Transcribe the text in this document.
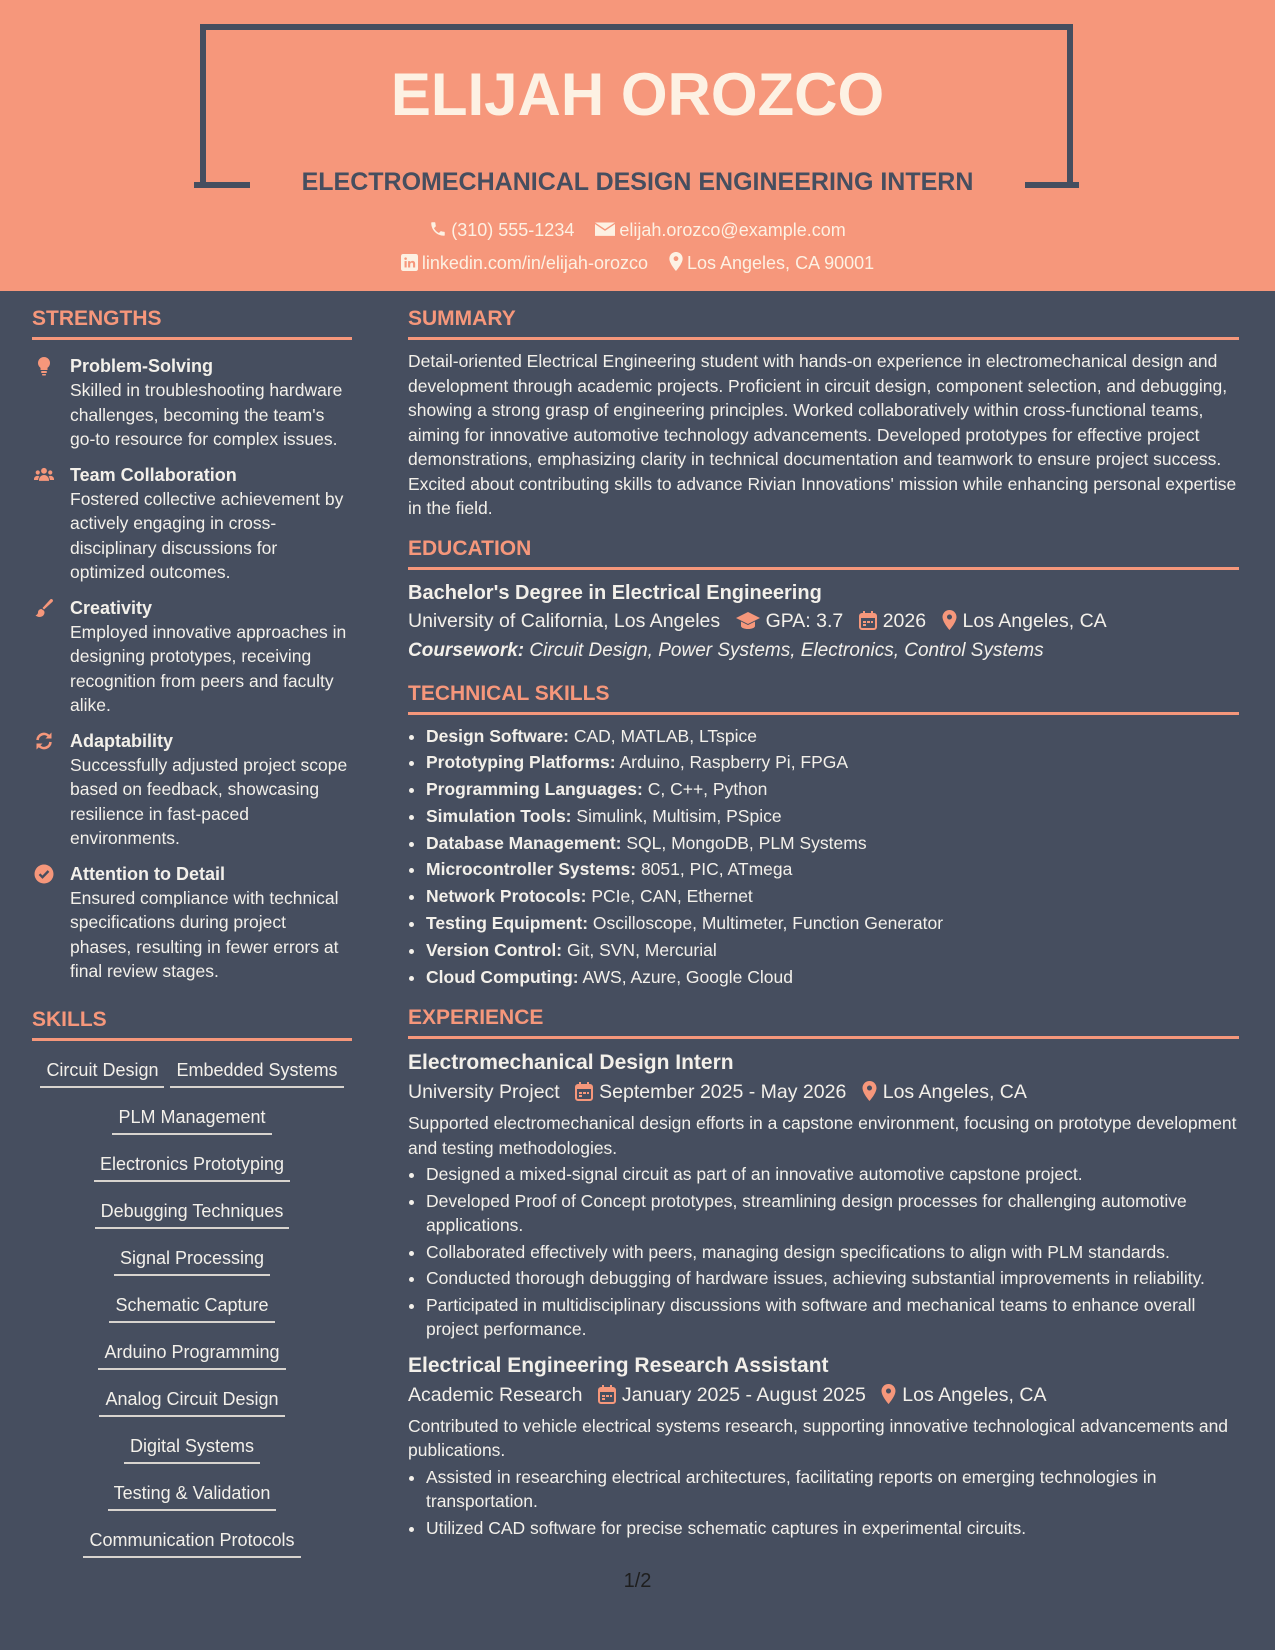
ELIJAH OROZCO
ELECTROMECHANICAL DESIGN ENGINEERING INTERN
(310) 555-1234	elijah.orozco@example.com
linkedin.com/in/elijah-orozco Los Angeles, CA 90001
STRENGTHS
Problem-Solving
Skilled in troubleshooting hardware challenges, becoming the team's go-to resource for complex issues.
Team Collaboration
Fostered collective achievement by actively engaging in cross-disciplinary discussions for optimized outcomes.
Creativity
Employed innovative approaches in designing prototypes, receiving recognition from peers and faculty alike.
Adaptability
Successfully adjusted project scope based on feedback, showcasing resilience in fast-paced environments.
Attention to Detail
Ensured compliance with technical specifications during project phases, resulting in fewer errors at final review stages.
SKILLS
Circuit Design Embedded Systems
PLM Management
Electronics Prototyping
Debugging Techniques
Signal Processing
Schematic Capture
Arduino Programming
Analog Circuit Design
Digital Systems
Testing & Validation
Communication Protocols
SUMMARY
Detail-oriented Electrical Engineering student with hands-on experience in electromechanical design and development through academic projects. Proficient in circuit design, component selection, and debugging, showing a strong grasp of engineering principles. Worked collaboratively within cross-functional teams, aiming for innovative automotive technology advancements. Developed prototypes for effective project demonstrations, emphasizing clarity in technical documentation and teamwork to ensure project success. Excited about contributing skills to advance Rivian Innovations' mission while enhancing personal expertise in the field.
EDUCATION
Bachelor's Degree in Electrical Engineering
University of California, Los Angeles GPA: 3.7 2026 Los Angeles, CA
Coursework: Circuit Design, Power Systems, Electronics, Control Systems
TECHNICAL SKILLS
• Design Software: CAD, MATLAB, LTspice
• Prototyping Platforms: Arduino, Raspberry Pi, FPGA
• Programming Languages: C, C++, Python
• Simulation Tools: Simulink, Multisim, PSpice
• Database Management: SQL, MongoDB, PLM Systems
• Microcontroller Systems: 8051, PIC, ATmega
• Network Protocols: PCIe, CAN, Ethernet
• Testing Equipment: Oscilloscope, Multimeter, Function Generator
• Version Control: Git, SVN, Mercurial
• Cloud Computing: AWS, Azure, Google Cloud
EXPERIENCE
Electromechanical Design Intern
University Project September 2025 - May 2026 Los Angeles, CA
Supported electromechanical design efforts in a capstone environment, focusing on prototype development and testing methodologies.
• Designed a mixed-signal circuit as part of an innovative automotive capstone project.
• Developed Proof of Concept prototypes, streamlining design processes for challenging automotive applications.
• Collaborated effectively with peers, managing design specifications to align with PLM standards.
• Conducted thorough debugging of hardware issues, achieving substantial improvements in reliability.
• Participated in multidisciplinary discussions with software and mechanical teams to enhance overall project performance.
Electrical Engineering Research Assistant
Academic Research January 2025 - August 2025 Los Angeles, CA
Contributed to vehicle electrical systems research, supporting innovative technological advancements and publications.
• Assisted in researching electrical architectures, facilitating reports on emerging technologies in transportation.
• Utilized CAD software for precise schematic captures in experimental circuits.
1/2
